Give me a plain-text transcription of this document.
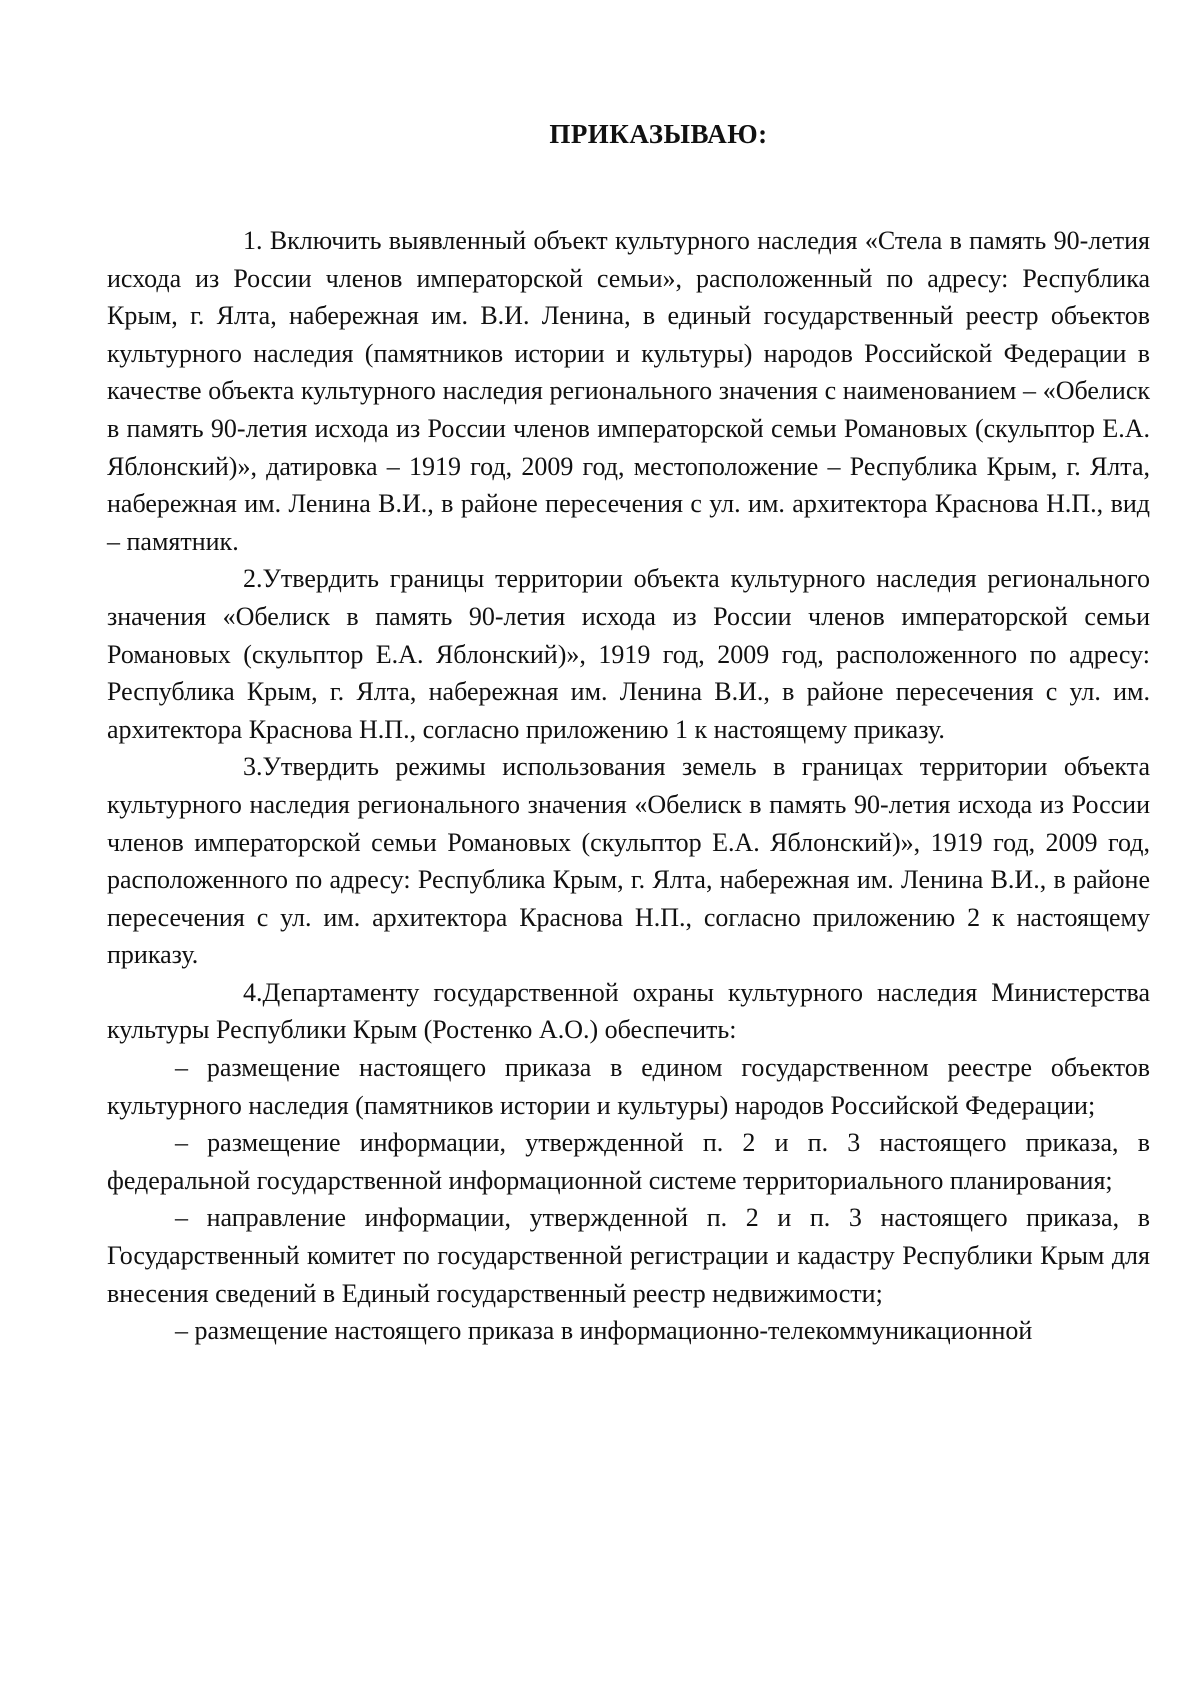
ПРИКАЗЫВАЮ:

1. Включить выявленный объект культурного наследия «Стела в память 90-летия исхода из России членов императорской семьи», расположенный по адресу: Республика Крым, г. Ялта, набережная им. В.И. Ленина, в единый государственный реестр объектов культурного наследия (памятников истории и культуры) народов Российской Федерации в качестве объекта культурного наследия регионального значения с наименованием – «Обелиск в память 90-летия исхода из России членов императорской семьи Романовых (скульптор Е.А. Яблонский)», датировка – 1919 год, 2009 год, местоположение – Республика Крым, г. Ялта, набережная им. Ленина В.И., в районе пересечения с ул. им. архитектора Краснова Н.П., вид – памятник.

2.Утвердить границы территории объекта культурного наследия регионального значения «Обелиск в память 90-летия исхода из России членов императорской семьи Романовых (скульптор Е.А. Яблонский)», 1919 год, 2009 год, расположенного по адресу: Республика Крым, г. Ялта, набережная им. Ленина В.И., в районе пересечения с ул. им. архитектора Краснова Н.П., согласно приложению 1 к настоящему приказу.

3.Утвердить режимы использования земель в границах территории объекта культурного наследия регионального значения «Обелиск в память 90-летия исхода из России членов императорской семьи Романовых (скульптор Е.А. Яблонский)», 1919 год, 2009 год, расположенного по адресу: Республика Крым, г. Ялта, набережная им. Ленина В.И., в районе пересечения с ул. им. архитектора Краснова Н.П., согласно приложению 2 к настоящему приказу.

4.Департаменту государственной охраны культурного наследия Министерства культуры Республики Крым (Ростенко А.О.) обеспечить:

– размещение настоящего приказа в едином государственном реестре объектов культурного наследия (памятников истории и культуры) народов Российской Федерации;

– размещение информации, утвержденной п. 2 и п. 3 настоящего приказа, в федеральной государственной информационной системе территориального планирования;

– направление информации, утвержденной п. 2 и п. 3 настоящего приказа, в Государственный комитет по государственной регистрации и кадастру Республики Крым для внесения сведений в Единый государственный реестр недвижимости;

– размещение настоящего приказа в информационно-телекоммуникационной
